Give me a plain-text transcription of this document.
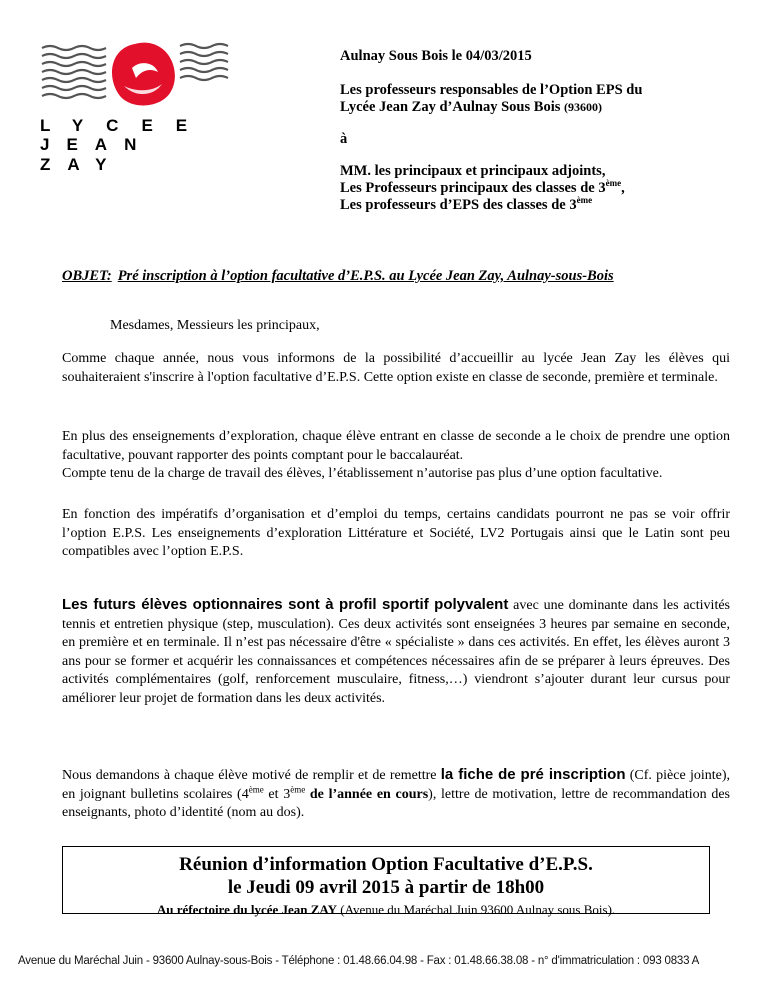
LYCEE
JEAN ZAY

Aulnay Sous Bois le 04/03/2015

Les professeurs responsables de l’Option EPS du

Lycée Jean Zay d’Aulnay Sous Bois (93600)

à

MM. les principaux et principaux adjoints,

Les Professeurs principaux des classes de 3ème,

Les professeurs d’EPS des classes de 3ème

OBJET: Pré inscription à l’option facultative d’E.P.S. au Lycée Jean Zay, Aulnay-sous-Bois
Mesdames, Messieurs les principaux,
Comme chaque année, nous vous informons de la possibilité d’accueillir au lycée Jean Zay les élèves qui souhaiteraient s'inscrire à l'option facultative d’E.P.S. Cette option existe en classe de seconde, première et terminale.
En plus des enseignements d’exploration, chaque élève entrant en classe de seconde a le choix de prendre une option facultative, pouvant rapporter des points comptant pour le baccalauréat.
Compte tenu de la charge de travail des élèves, l’établissement n’autorise pas plus d’une option facultative.
En fonction des impératifs d’organisation et d’emploi du temps, certains candidats pourront ne pas se voir offrir l’option E.P.S. Les enseignements d’exploration Littérature et Société, LV2 Portugais ainsi que le Latin sont peu compatibles avec l’option E.P.S.
Les futurs élèves optionnaires sont à profil sportif polyvalent avec une dominante dans les activités tennis et entretien physique (step, musculation). Ces deux activités sont enseignées 3 heures par semaine en seconde, en première et en terminale. Il n’est pas nécessaire d'être « spécialiste » dans ces activités. En effet, les élèves auront 3 ans pour se former et acquérir les connaissances et compétences nécessaires afin de se préparer à leurs épreuves. Des activités complémentaires (golf, renforcement musculaire, fitness,…) viendront s’ajouter durant leur cursus pour améliorer leur projet de formation dans les deux activités.
Nous demandons à chaque élève motivé de remplir et de remettre la fiche de pré inscription (Cf. pièce jointe), en joignant bulletins scolaires (4ème et 3ème de l’année en cours), lettre de motivation, lettre de recommandation des enseignants, photo d’identité (nom au dos).
Réunion d’information Option Facultative d’E.P.S.
le Jeudi 09 avril 2015 à partir de 18h00
Au réfectoire du lycée Jean ZAY (Avenue du Maréchal Juin 93600 Aulnay sous Bois).
Avenue du Maréchal Juin - 93600 Aulnay-sous-Bois - Téléphone : 01.48.66.04.98 - Fax : 01.48.66.38.08 - n° d'immatriculation : 093 0833 A
